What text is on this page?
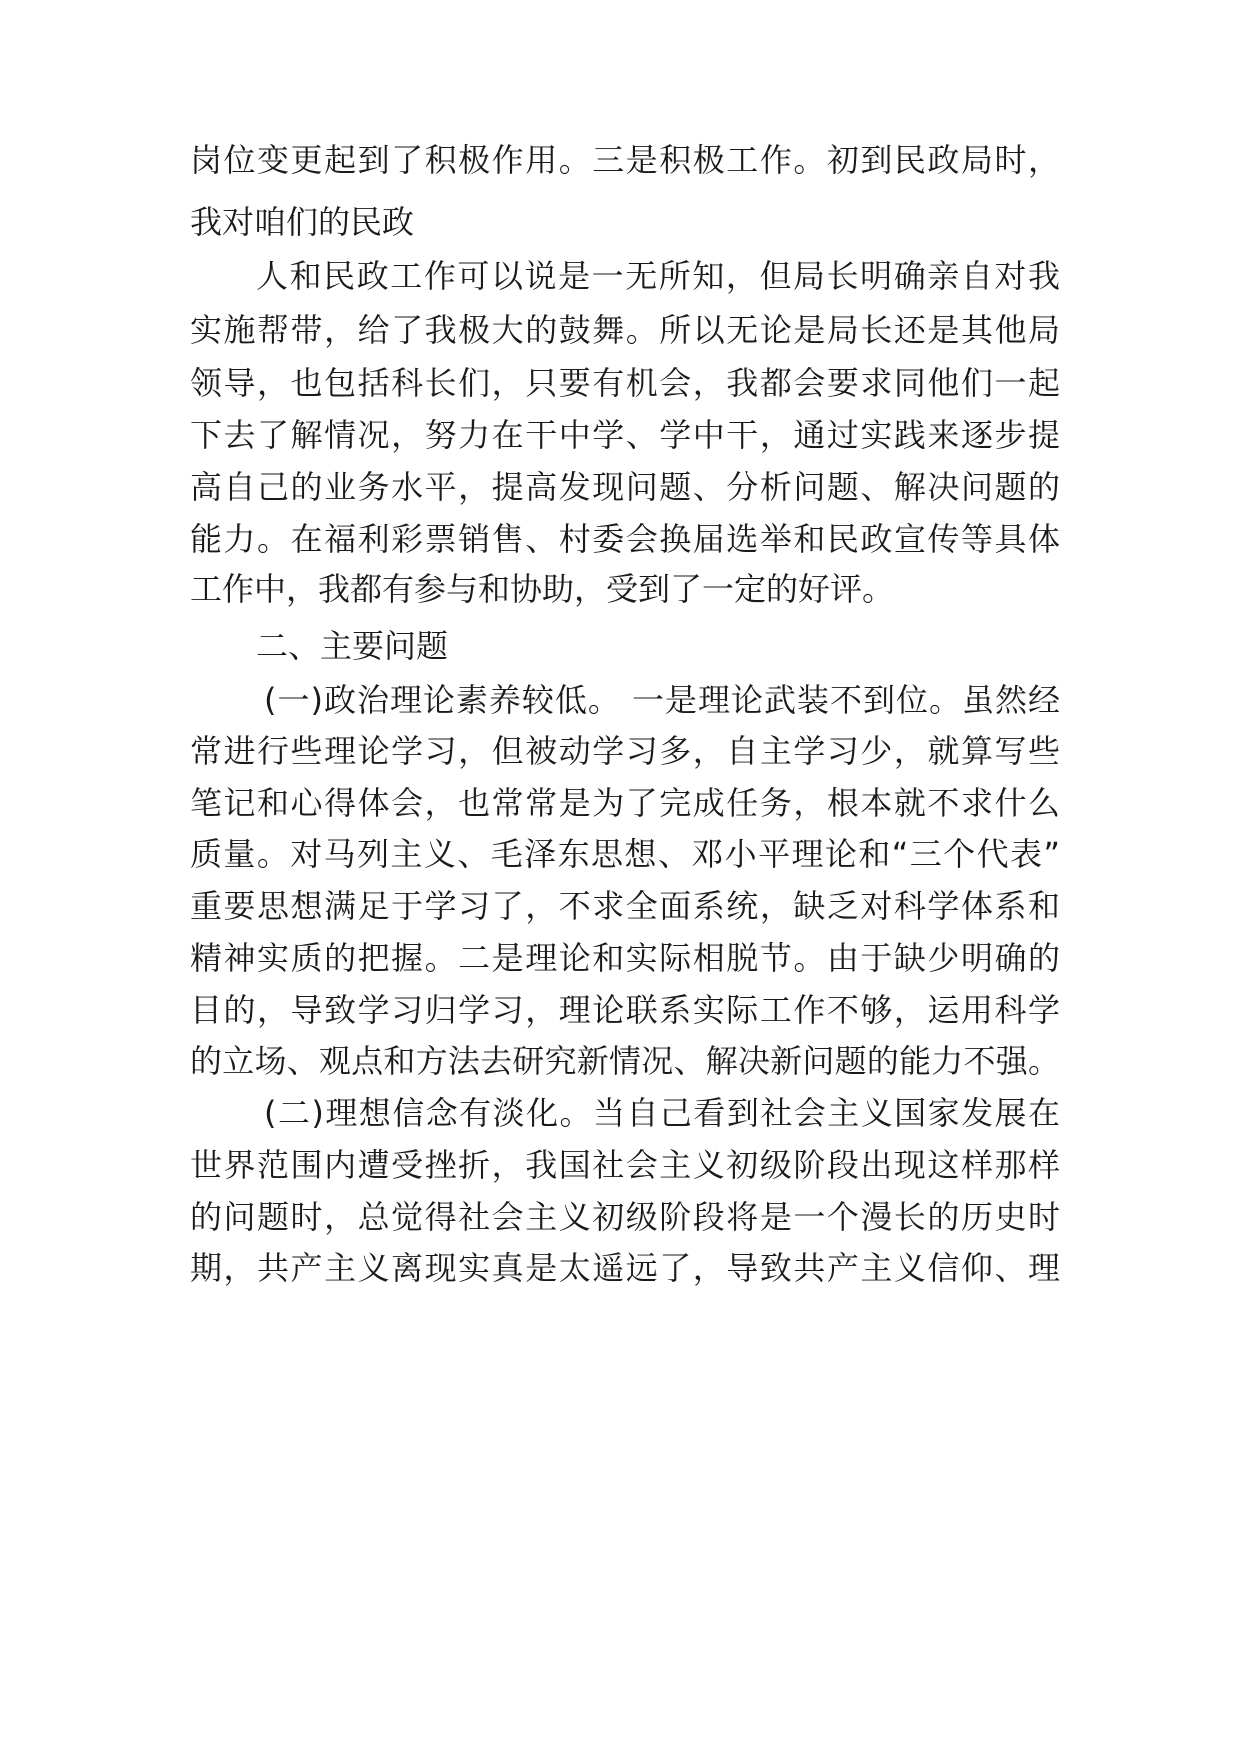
岗位变更起到了积极作用。三是积极工作。初到民政局时，
我对咱们的民政
人和民政工作可以说是一无所知，但局长明确亲自对我
实施帮带，给了我极大的鼓舞。所以无论是局长还是其他局
领导，也包括科长们，只要有机会，我都会要求同他们一起
下去了解情况，努力在干中学、学中干，通过实践来逐步提
高自己的业务水平，提高发现问题、分析问题、解决问题的
能力。在福利彩票销售、村委会换届选举和民政宣传等具体
工作中，我都有参与和协助，受到了一定的好评。
二、主要问题
(一)政治理论素养较低。 一是理论武装不到位。虽然经
常进行些理论学习，但被动学习多，自主学习少，就算写些
笔记和心得体会，也常常是为了完成任务，根本就不求什么
质量。对马列主义、毛泽东思想、邓小平理论和“三个代表”
重要思想满足于学习了，不求全面系统，缺乏对科学体系和
精神实质的把握。二是理论和实际相脱节。由于缺少明确的
目的，导致学习归学习，理论联系实际工作不够，运用科学
的立场、观点和方法去研究新情况、解决新问题的能力不强。
(二)理想信念有淡化。当自己看到社会主义国家发展在
世界范围内遭受挫折，我国社会主义初级阶段出现这样那样
的问题时，总觉得社会主义初级阶段将是一个漫长的历史时
期，共产主义离现实真是太遥远了，导致共产主义信仰、理
